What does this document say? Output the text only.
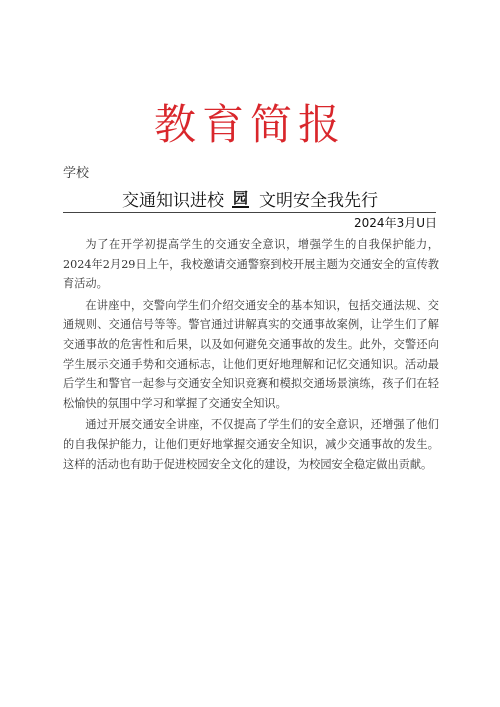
教育简报
学校
交通知识进校 园 文明安全我先行
2024年3月U日

为了在开学初提高学生的交通安全意识，增强学生的自我保护能力，2024年2月29日上午，我校邀请交通警察到校开展主题为交通安全的宣传教育活动。

在讲座中，交警向学生们介绍交通安全的基本知识，包括交通法规、交通规则、交通信号等等。警官通过讲解真实的交通事故案例，让学生们了解交通事故的危害性和后果，以及如何避免交通事故的发生。此外，交警还向学生展示交通手势和交通标志，让他们更好地理解和记忆交通知识。活动最后学生和警官一起参与交通安全知识竞赛和模拟交通场景演练，孩子们在轻松愉快的氛围中学习和掌握了交通安全知识。

通过开展交通安全讲座，不仅提高了学生们的安全意识，还增强了他们的自我保护能力，让他们更好地掌握交通安全知识，减少交通事故的发生。这样的活动也有助于促进校园安全文化的建设，为校园安全稳定做出贡献。
